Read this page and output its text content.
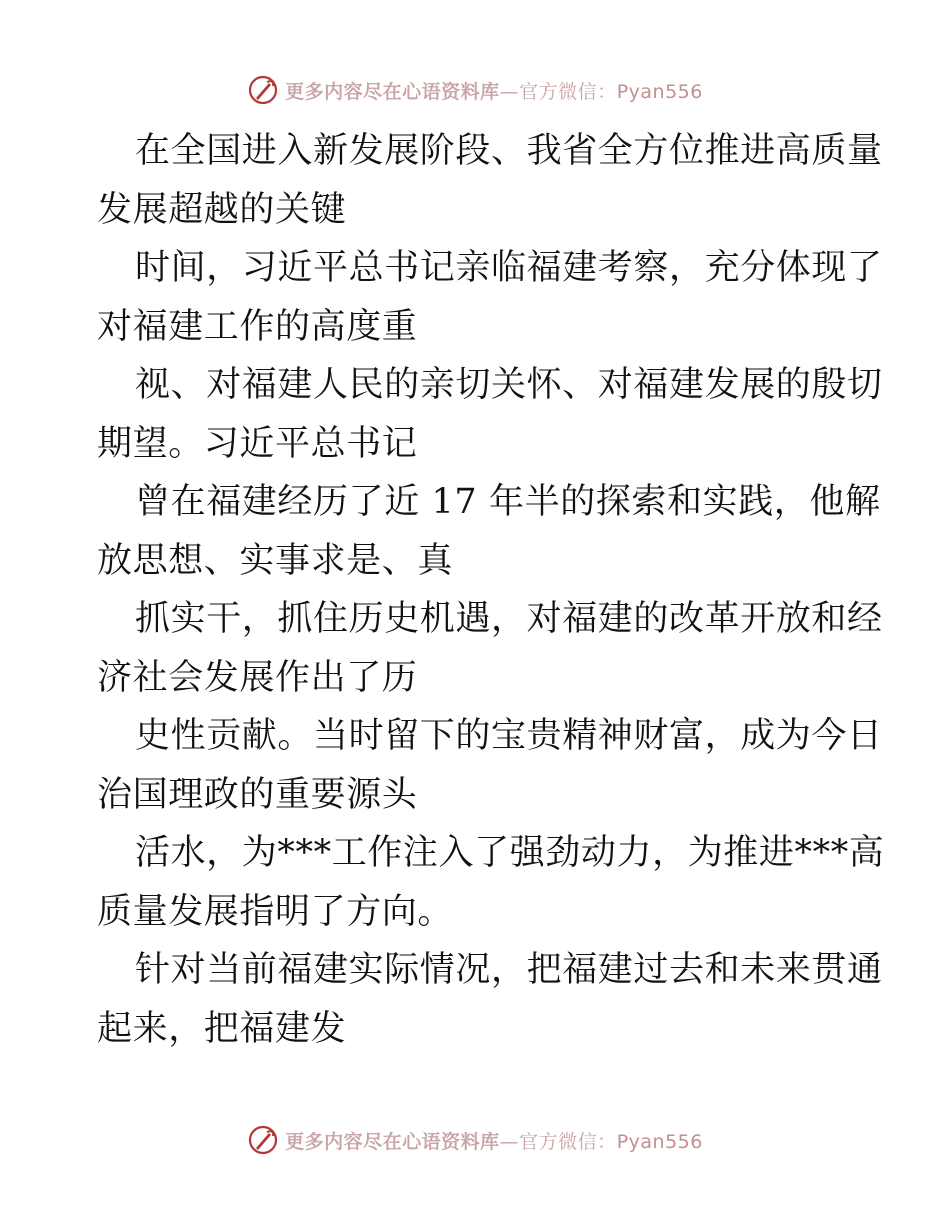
更多内容尽在心语资料库—官方微信：Pyan556
在全国进入新发展阶段、我省全方位推进高质量
发展超越的关键
时间，习近平总书记亲临福建考察，充分体现了
对福建工作的高度重
视、对福建人民的亲切关怀、对福建发展的殷切
期望。习近平总书记
曾在福建经历了近 17 年半的探索和实践，他解
放思想、实事求是、真
抓实干，抓住历史机遇，对福建的改革开放和经
济社会发展作出了历
史性贡献。当时留下的宝贵精神财富，成为今日
治国理政的重要源头
活水，为***工作注入了强劲动力，为推进***高
质量发展指明了方向。
针对当前福建实际情况，把福建过去和未来贯通
起来，把福建发
更多内容尽在心语资料库—官方微信：Pyan556
